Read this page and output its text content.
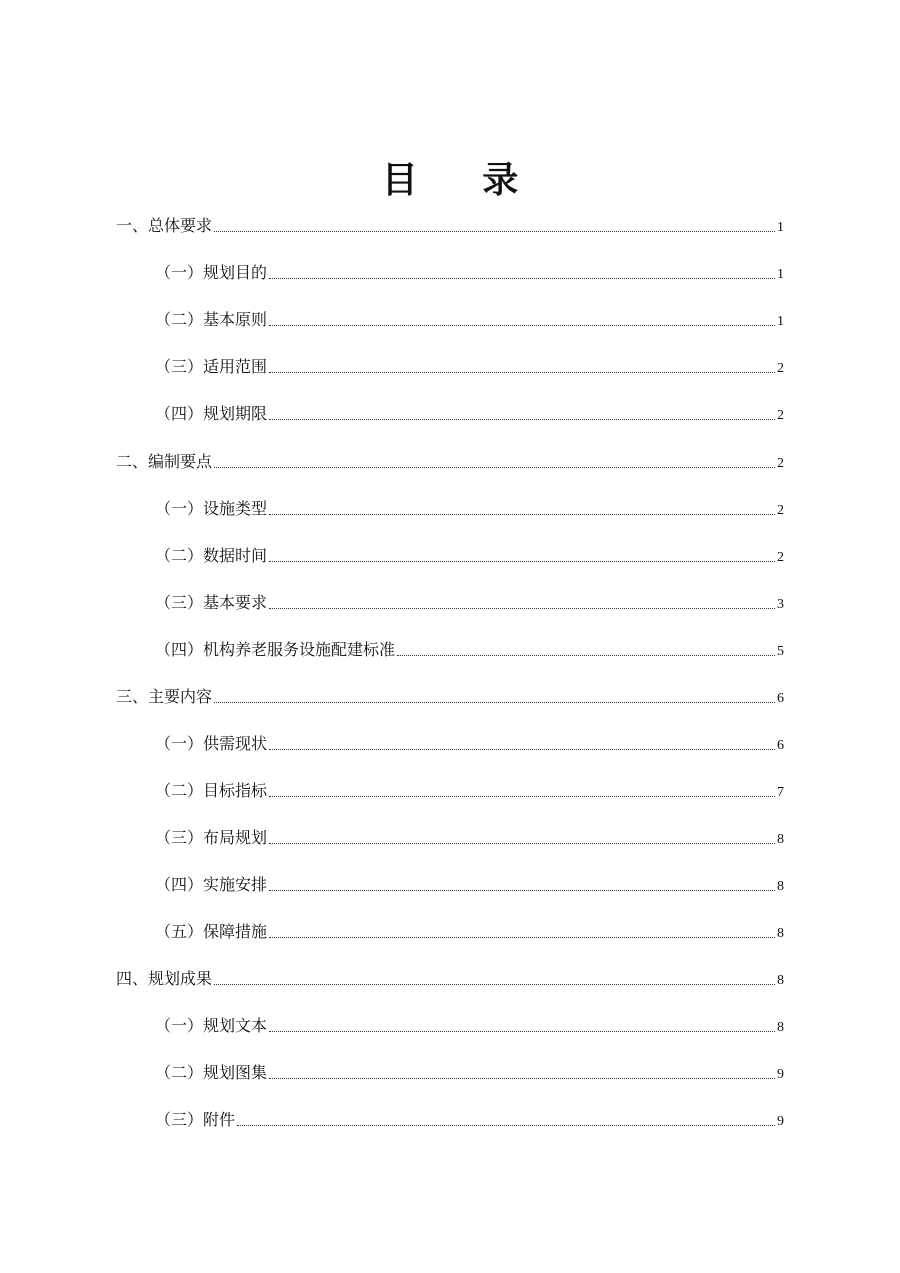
目 录
一、总体要求	1
（一）规划目的	1
（二）基本原则	1
（三）适用范围	2
（四）规划期限	2
二、编制要点	2
（一）设施类型	2
（二）数据时间	2
（三）基本要求	3
（四）机构养老服务设施配建标准	5
三、主要内容	6
（一）供需现状	6
（二）目标指标	7
（三）布局规划	8
（四）实施安排	8
（五）保障措施	8
四、规划成果	8
（一）规划文本	8
（二）规划图集	9
（三）附件	9
